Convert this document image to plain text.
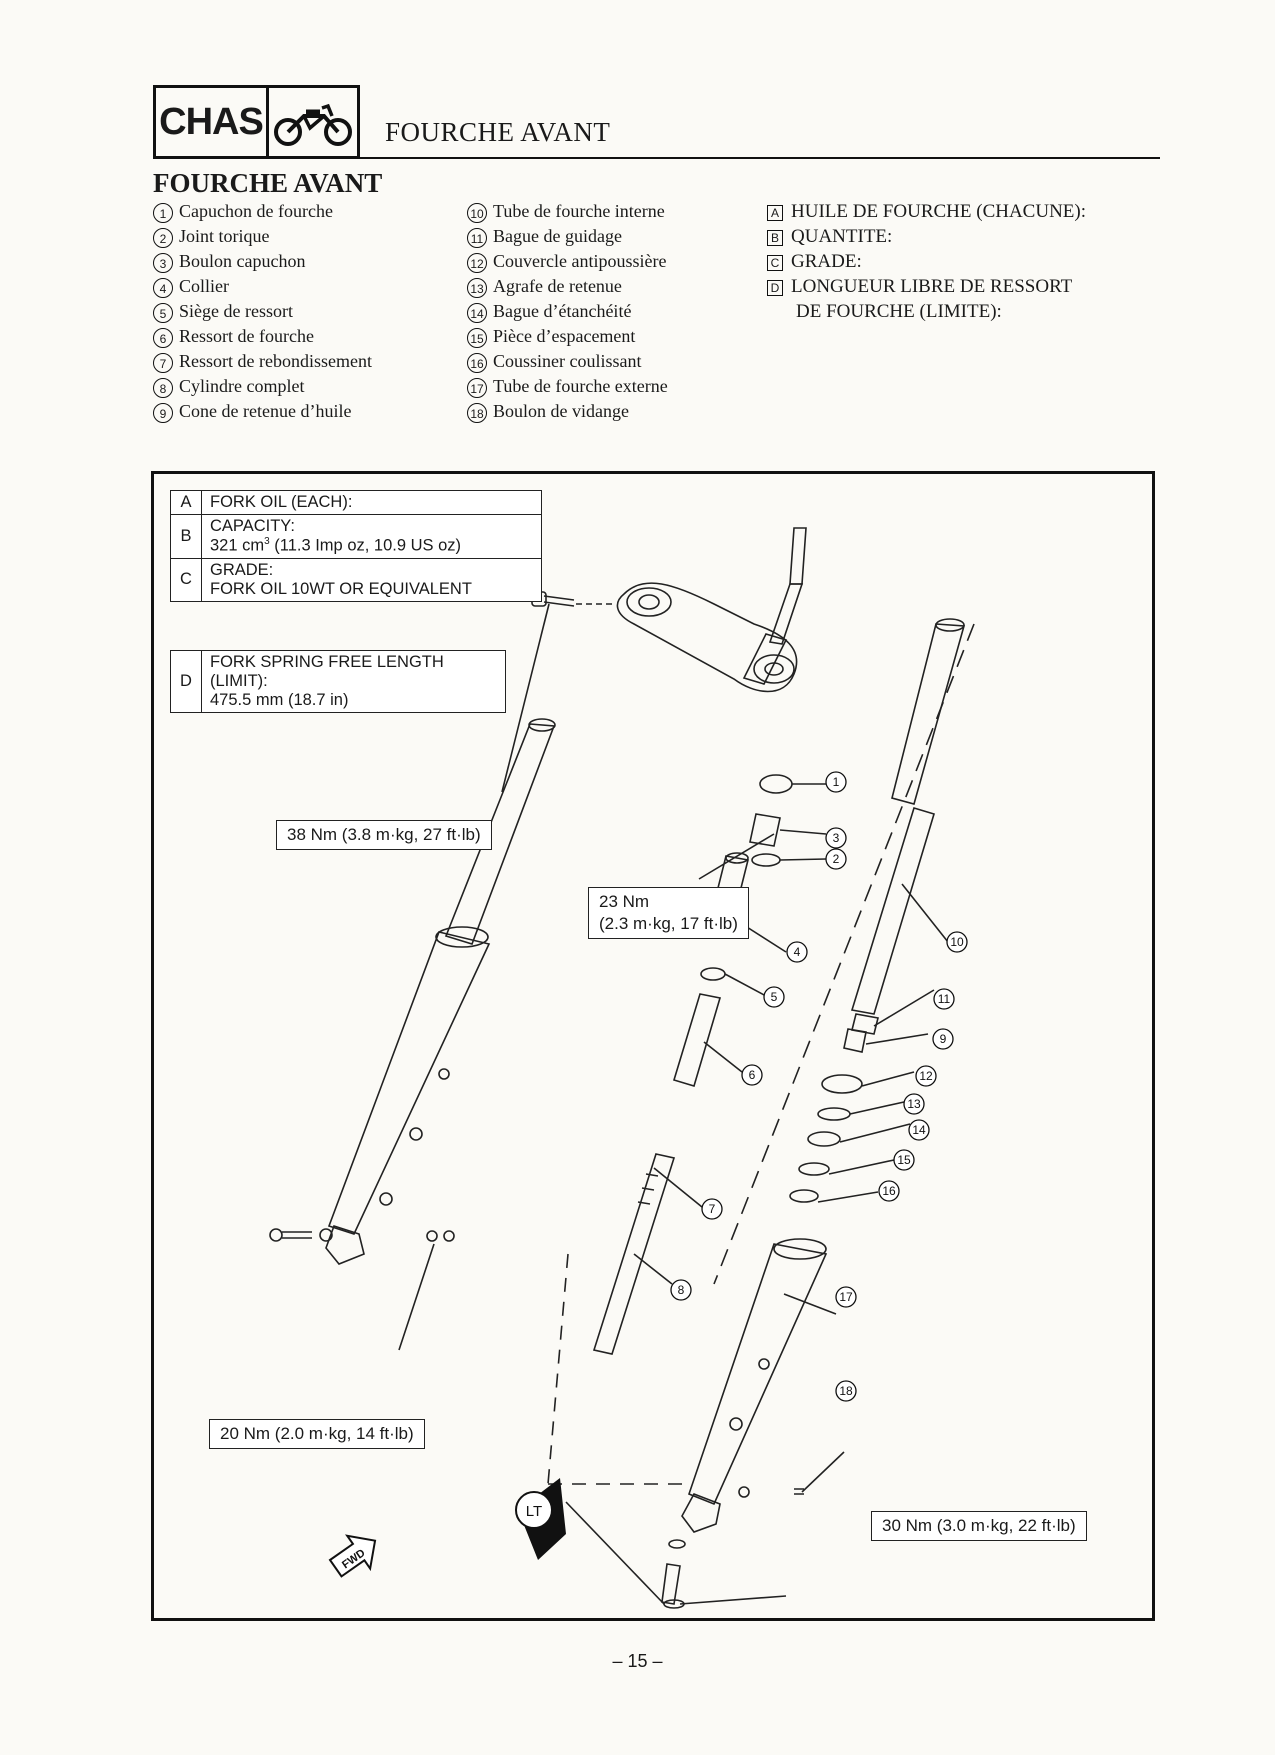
CHAS	FOURCHE AVANT
FOURCHE AVANT
1 Capuchon de fourche
2 Joint torique
3 Boulon capuchon
4 Collier
5 Siège de ressort
6 Ressort de fourche
7 Ressort de rebondissement
8 Cylindre complet
9 Cone de retenue d’huile
10 Tube de fourche interne
11 Bague de guidage
12 Couvercle antipoussière
13 Agrafe de retenue
14 Bague d’étanchéité
15 Pièce d’espacement
16 Coussiner coulissant
17 Tube de fourche externe
18 Boulon de vidange
A HUILE DE FOURCHE (CHACUNE):
B QUANTITE:
C GRADE:
D LONGUEUR LIBRE DE RESSORT
DE FOURCHE (LIMITE):
LT
FWD
1
3
2
4
5
6
7
8
9
10
11
12
13
14
15
16
17
18
A	FORK OIL (EACH):
B	CAPACITY:
321 $cm^3$ (11.3 Imp oz, 10.9 US oz)

C	GRADE:
FORK OIL 10WT OR EQUIVALENT
D	
FORK SPRING FREE LENGTH
(LIMIT):
475.5 mm (18.7 in)
38 Nm (3.8 m·kg, 27 ft·lb)
23 Nm
(2.3 m·kg, 17 ft·lb)
20 Nm (2.0 m·kg, 14 ft·lb)
30 Nm (3.0 m·kg, 22 ft·lb)
– 15 –
